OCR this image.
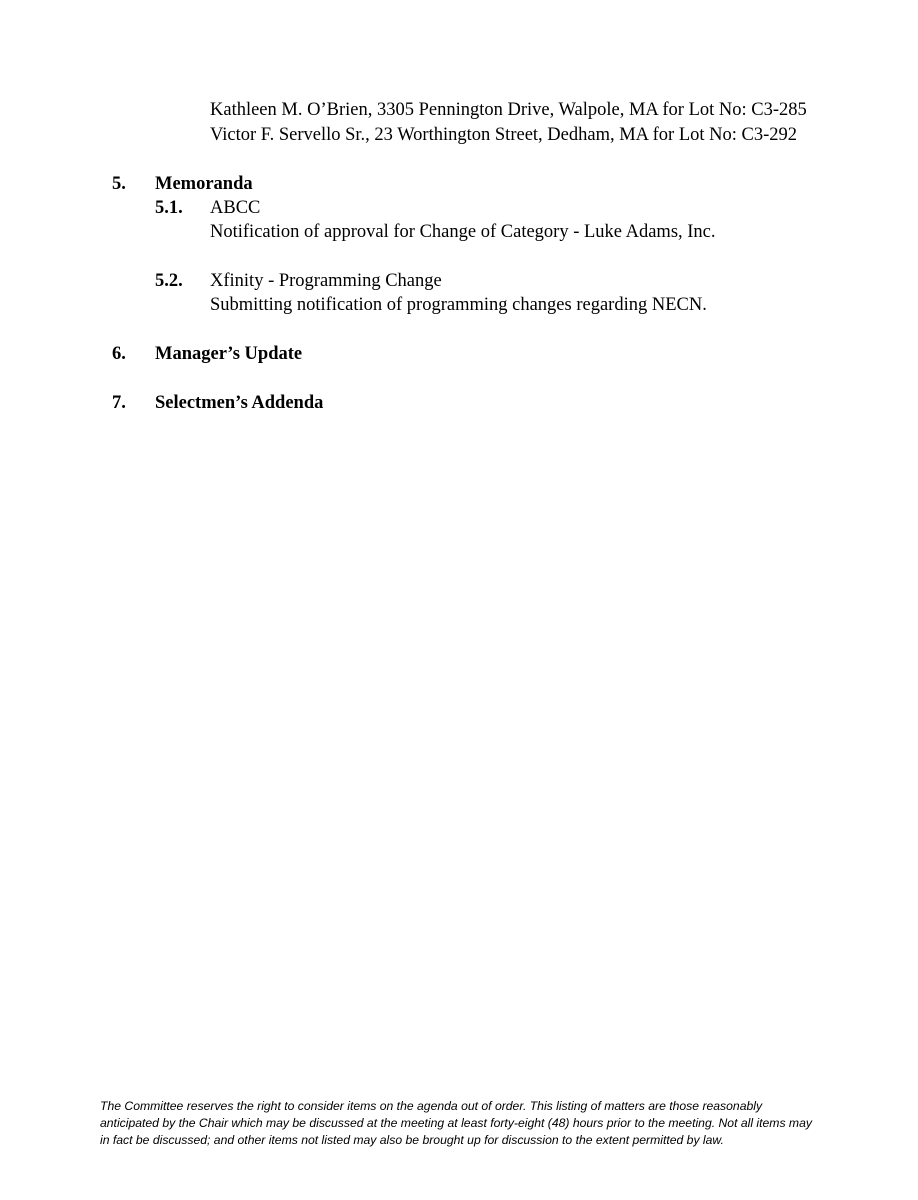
Kathleen M. O’Brien, 3305 Pennington Drive, Walpole, MA for Lot No: C3-285
Victor F. Servello Sr., 23 Worthington Street, Dedham, MA for Lot No: C3-292
5. Memoranda
5.1. ABCC
Notification of approval for Change of Category - Luke Adams, Inc.
5.2. Xfinity - Programming Change
Submitting notification of programming changes regarding NECN.
6. Manager’s Update
7. Selectmen’s Addenda
The Committee reserves the right to consider items on the agenda out of order. This listing of matters are those reasonably anticipated by the Chair which may be discussed at the meeting at least forty-eight (48) hours prior to the meeting. Not all items may in fact be discussed; and other items not listed may also be brought up for discussion to the extent permitted by law.
